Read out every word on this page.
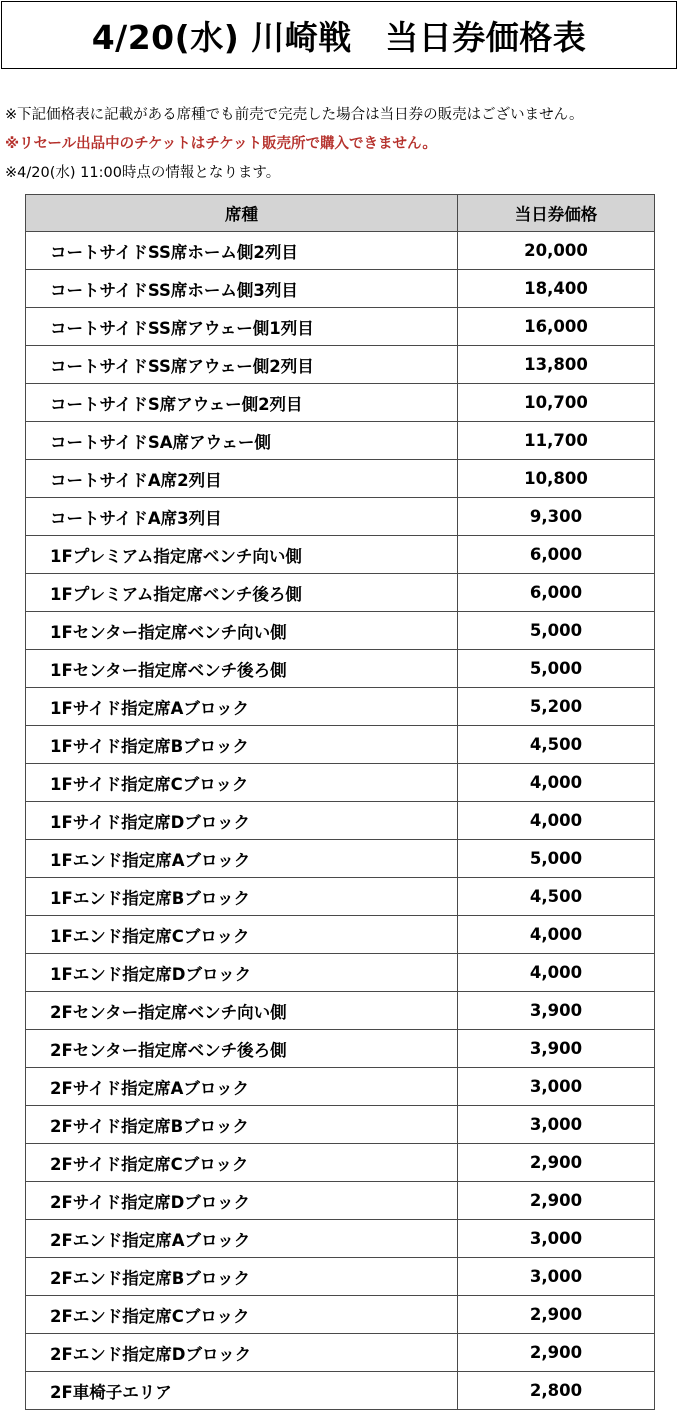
4/20(水) 川崎戦　当日券価格表

※下記価格表に記載がある席種でも前売で完売した場合は当日券の販売はございません。

※リセール出品中のチケットはチケット販売所で購入できません。

※4/20(水) 11:00時点の情報となります。

席種	当日券価格
コートサイドSS席ホーム側2列目	20,000
コートサイドSS席ホーム側3列目	18,400
コートサイドSS席アウェー側1列目	16,000
コートサイドSS席アウェー側2列目	13,800
コートサイドS席アウェー側2列目	10,700
コートサイドSA席アウェー側	11,700
コートサイドA席2列目	10,800
コートサイドA席3列目	9,300
1Fプレミアム指定席ベンチ向い側	6,000
1Fプレミアム指定席ベンチ後ろ側	6,000
1Fセンター指定席ベンチ向い側	5,000
1Fセンター指定席ベンチ後ろ側	5,000
1Fサイド指定席Aブロック	5,200
1Fサイド指定席Bブロック	4,500
1Fサイド指定席Cブロック	4,000
1Fサイド指定席Dブロック	4,000
1Fエンド指定席Aブロック	5,000
1Fエンド指定席Bブロック	4,500
1Fエンド指定席Cブロック	4,000
1Fエンド指定席Dブロック	4,000
2Fセンター指定席ベンチ向い側	3,900
2Fセンター指定席ベンチ後ろ側	3,900
2Fサイド指定席Aブロック	3,000
2Fサイド指定席Bブロック	3,000
2Fサイド指定席Cブロック	2,900
2Fサイド指定席Dブロック	2,900
2Fエンド指定席Aブロック	3,000
2Fエンド指定席Bブロック	3,000
2Fエンド指定席Cブロック	2,900
2Fエンド指定席Dブロック	2,900
2F車椅子エリア	2,800
